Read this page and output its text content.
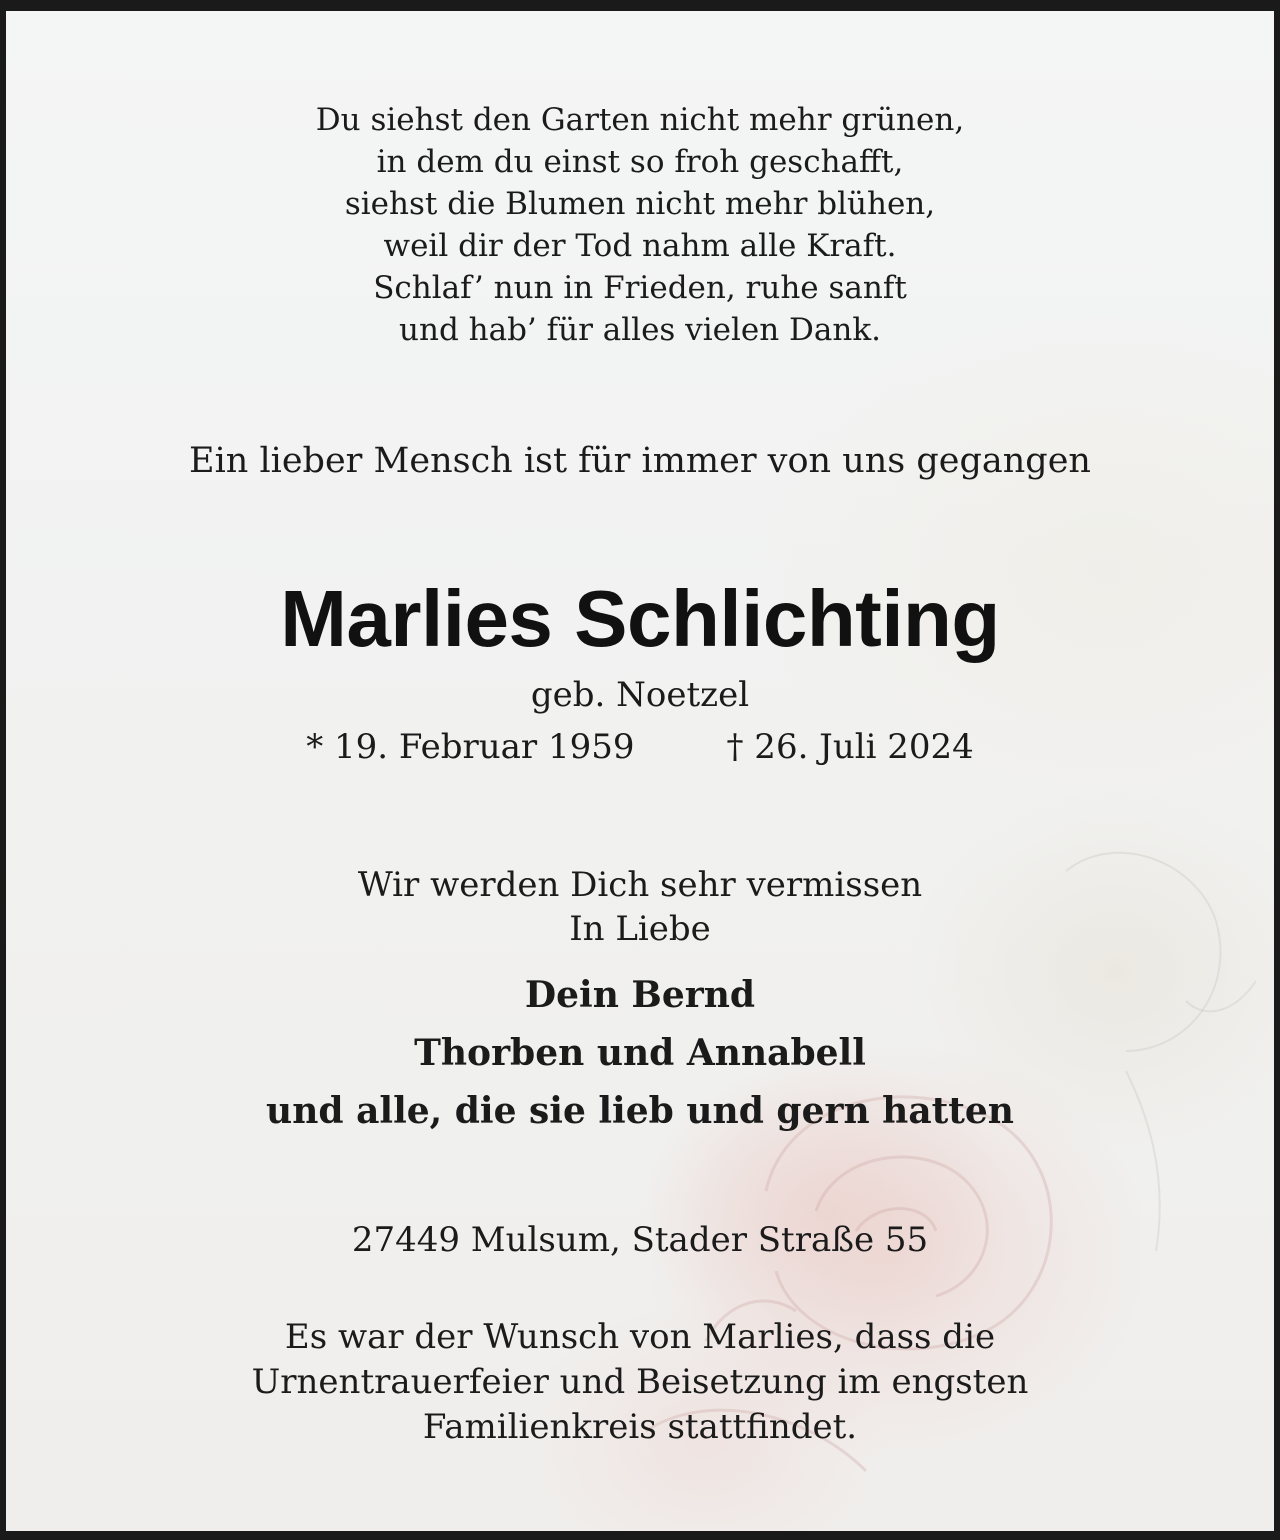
Du siehst den Garten nicht mehr grünen,
in dem du einst so froh geschafft,
siehst die Blumen nicht mehr blühen,
weil dir der Tod nahm alle Kraft.
Schlaf’ nun in Frieden, ruhe sanft
und hab’ für alles vielen Dank.
Ein lieber Mensch ist für immer von uns gegangen
Marlies Schlichting
geb. Noetzel
* 19. Februar 1959	† 26. Juli 2024
Wir werden Dich sehr vermissen
In Liebe
Dein Bernd
Thorben und Annabell
und alle, die sie lieb und gern hatten
27449 Mulsum, Stader Straße 55
Es war der Wunsch von Marlies, dass die
Urnentrauerfeier und Beisetzung im engsten
Familienkreis stattfindet.
